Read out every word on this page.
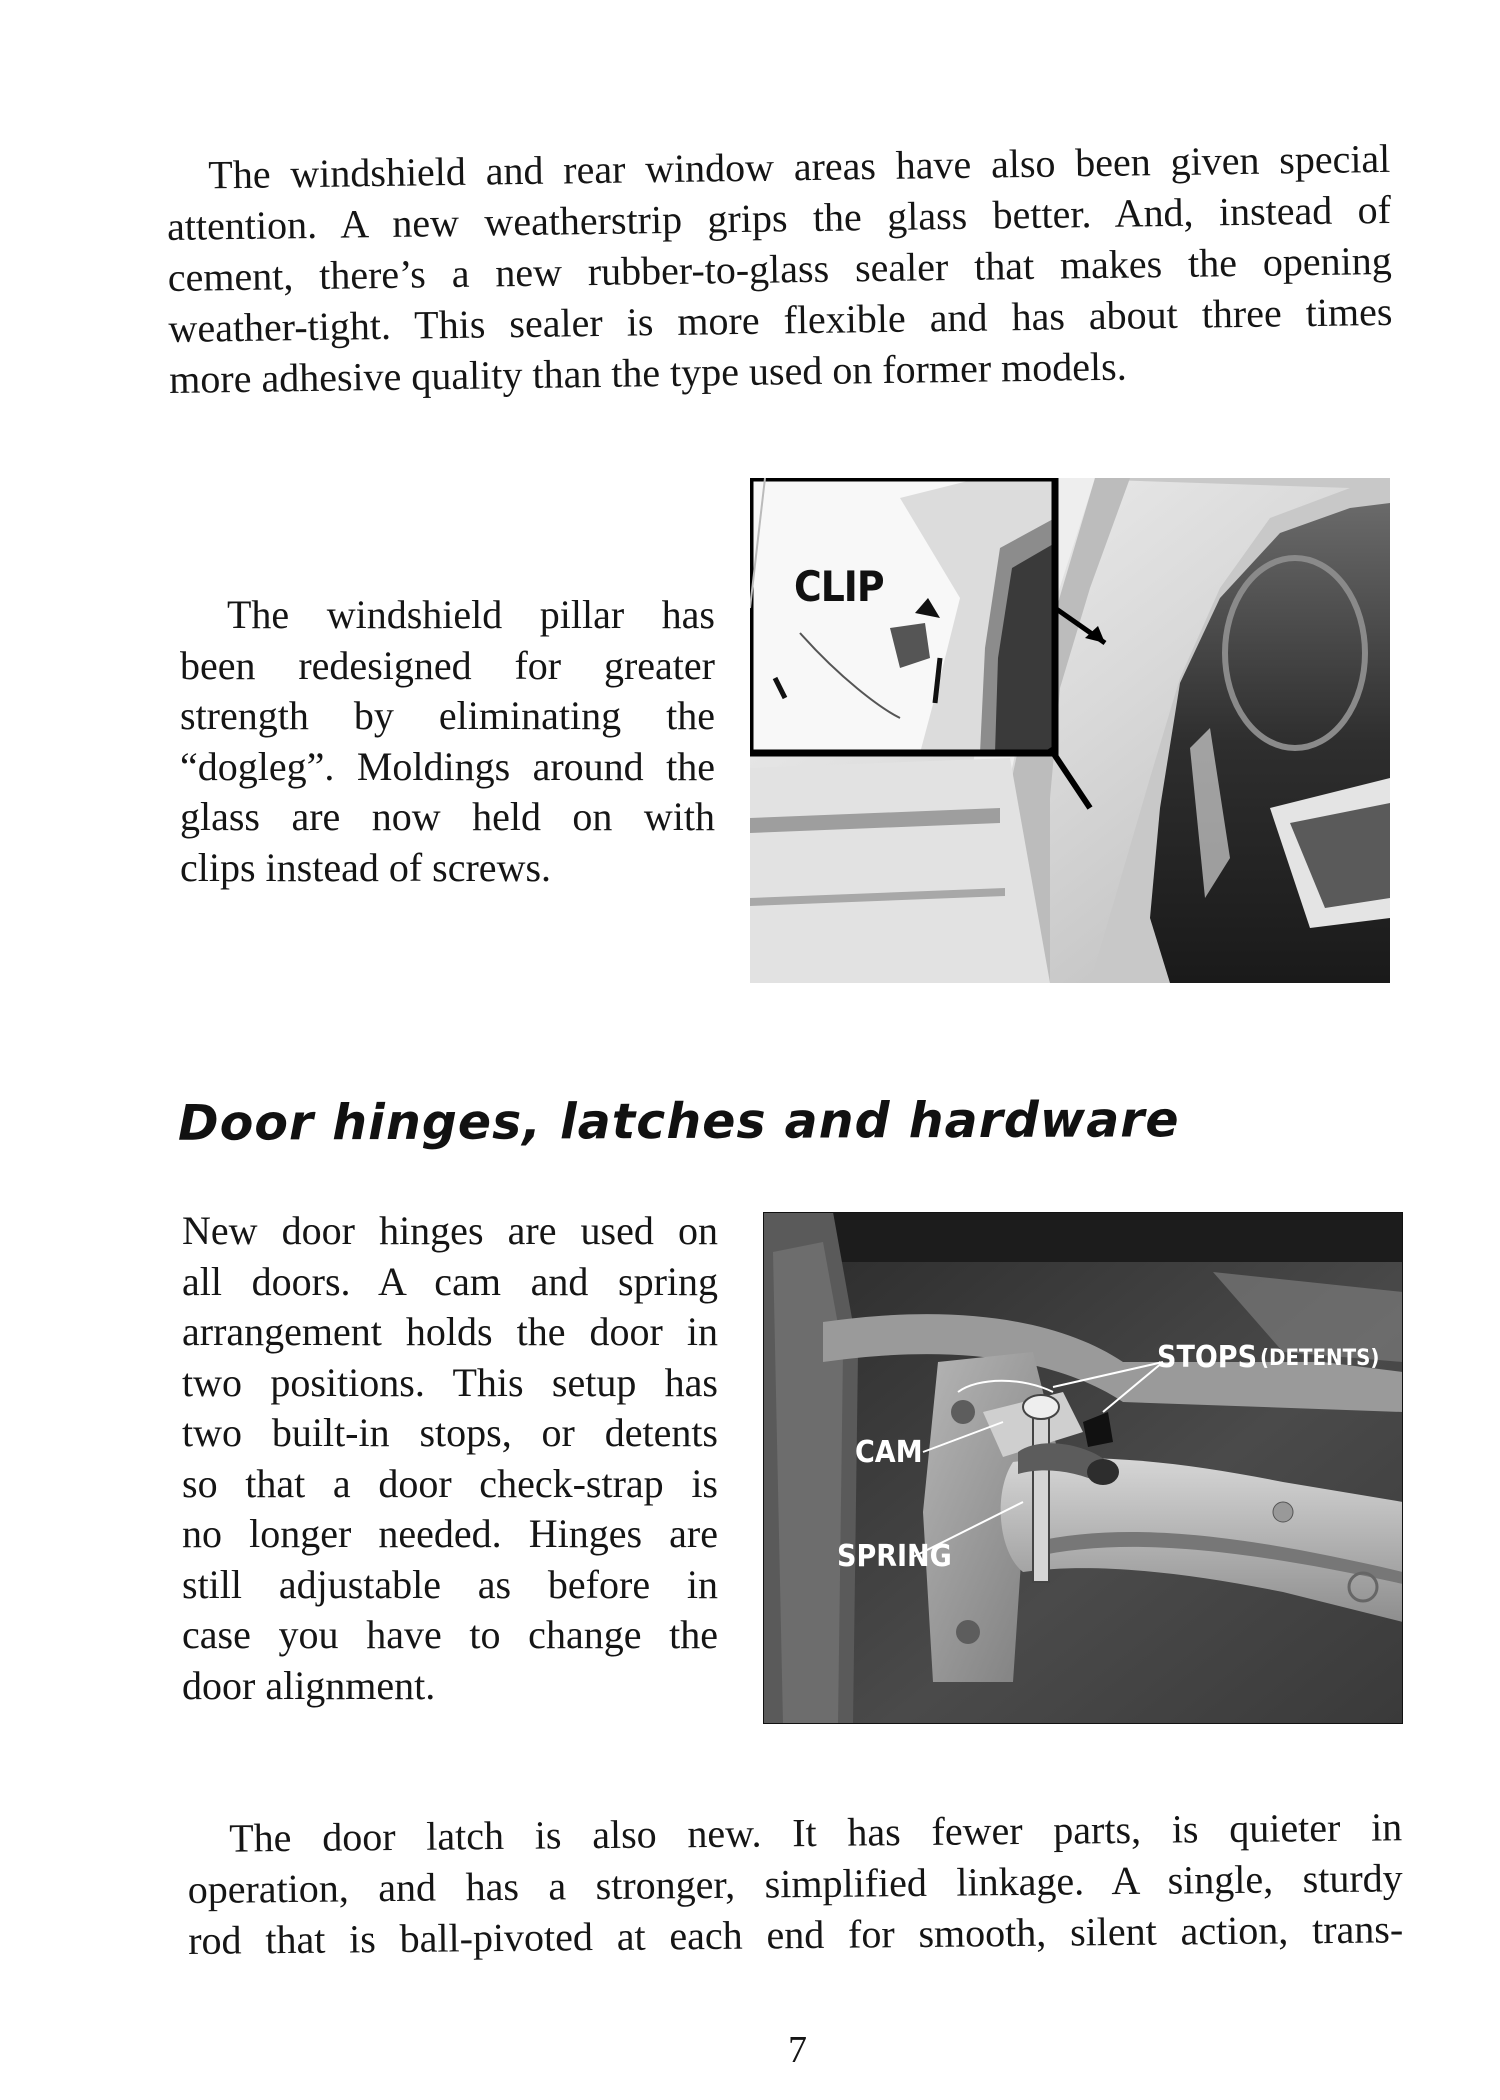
The windshield and rear window areas have also been given special
attention. A new weatherstrip grips the glass better. And, instead of
cement, there’s a new rubber-to-glass sealer that makes the opening
weather-tight. This sealer is more flexible and has about three times
more adhesive quality than the type used on former models.
The windshield pillar has
been redesigned for greater
strength by eliminating the
“dogleg”. Moldings around the
glass are now held on with
clips instead of screws.

CLIP

Door hinges, latches and hardware
New door hinges are used on
all doors. A cam and spring
arrangement holds the door in
two positions. This setup has
two built-in stops, or detents
so that a door check-strap is
no longer needed. Hinges are
still adjustable as before in
case you have to change the
door alignment.

STOPS (DETENTS)

CAM

SPRING

The door latch is also new. It has fewer parts, is quieter in
operation, and has a stronger, simplified linkage. A single, sturdy
rod that is ball-pivoted at each end for smooth, silent action, trans-

7
